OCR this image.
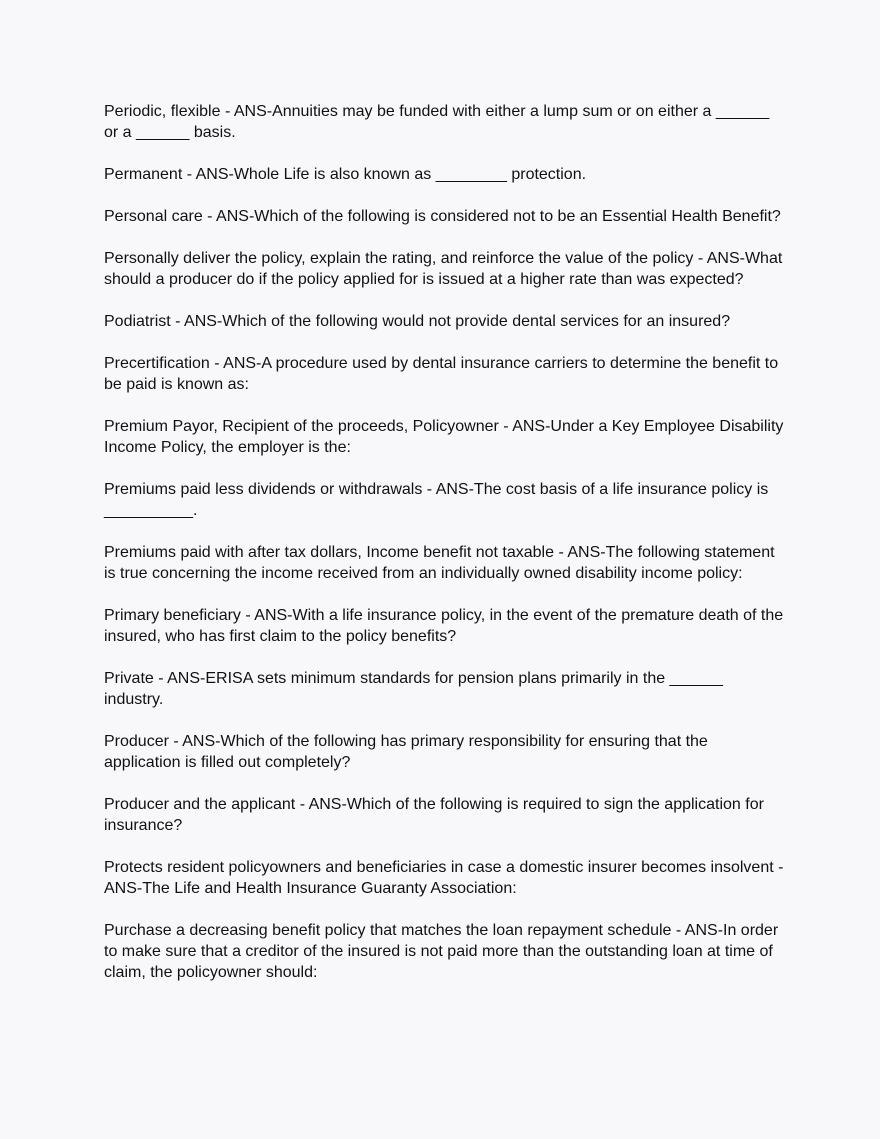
Periodic, flexible - ANS-Annuities may be funded with either a lump sum or on either a ______
or a ______ basis.

Permanent - ANS-Whole Life is also known as ________ protection.

Personal care - ANS-Which of the following is considered not to be an Essential Health Benefit?

Personally deliver the policy, explain the rating, and reinforce the value of the policy - ANS-What
should a producer do if the policy applied for is issued at a higher rate than was expected?

Podiatrist - ANS-Which of the following would not provide dental services for an insured?

Precertification - ANS-A procedure used by dental insurance carriers to determine the benefit to
be paid is known as:

Premium Payor, Recipient of the proceeds, Policyowner - ANS-Under a Key Employee Disability
Income Policy, the employer is the:

Premiums paid less dividends or withdrawals - ANS-The cost basis of a life insurance policy is
__________.

Premiums paid with after tax dollars, Income benefit not taxable - ANS-The following statement
is true concerning the income received from an individually owned disability income policy:

Primary beneficiary - ANS-With a life insurance policy, in the event of the premature death of the
insured, who has first claim to the policy benefits?

Private - ANS-ERISA sets minimum standards for pension plans primarily in the ______
industry.

Producer - ANS-Which of the following has primary responsibility for ensuring that the
application is filled out completely?

Producer and the applicant - ANS-Which of the following is required to sign the application for
insurance?

Protects resident policyowners and beneficiaries in case a domestic insurer becomes insolvent -
ANS-The Life and Health Insurance Guaranty Association:

Purchase a decreasing benefit policy that matches the loan repayment schedule - ANS-In order
to make sure that a creditor of the insured is not paid more than the outstanding loan at time of
claim, the policyowner should:
